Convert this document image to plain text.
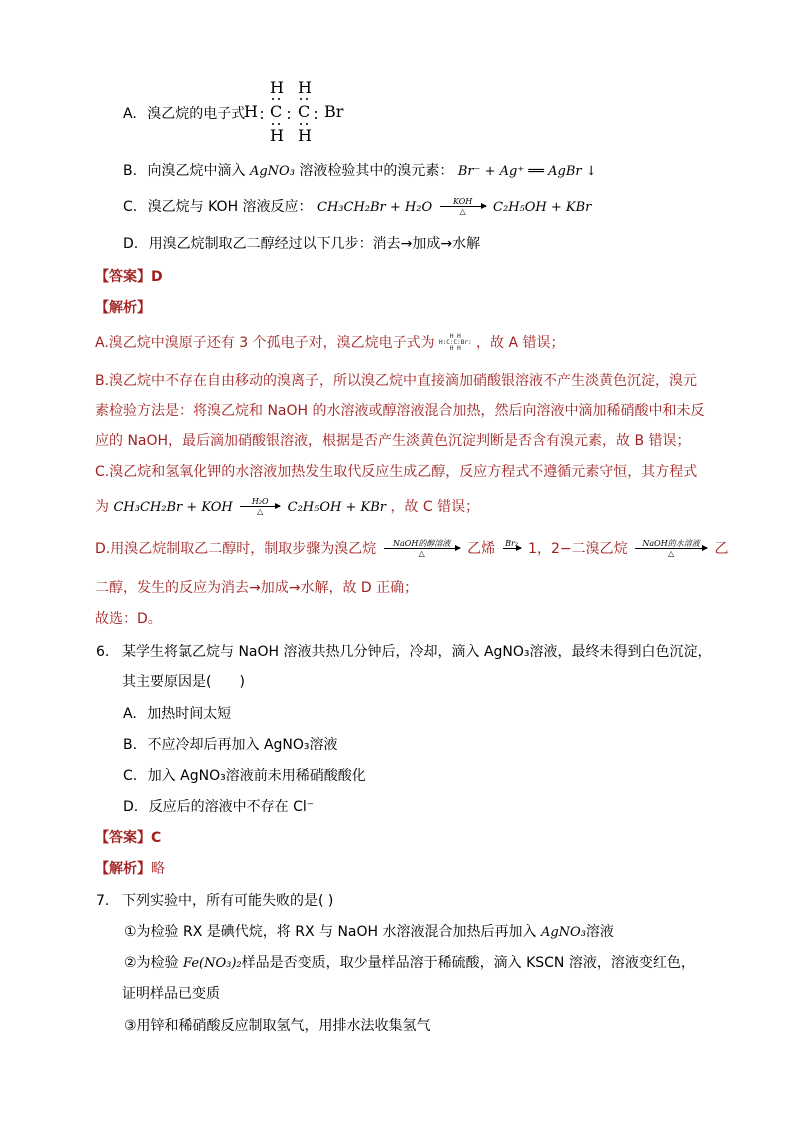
A. 溴乙烷的电子式
H H
H C C Br
H H
B. 向溴乙烷中滴入 AgNO₃ 溶液检验其中的溴元素： Br⁻ + Ag⁺ ══ AgBr ↓
C. 溴乙烷与 KOH 溶液反应： CH₃CH₂Br + H₂O	KOH
△	C₂H₅OH + KBr
D. 用溴乙烷制取乙二醇经过以下几步：消去→加成→水解
【答案】D
【解析】
A.溴乙烷中溴原子还有 3 个孤电子对，溴乙烷电子式为	H H
H:C:C:Br:
H H ，故 A 错误；
B.溴乙烷中不存在自由移动的溴离子，所以溴乙烷中直接滴加硝酸银溶液不产生淡黄色沉淀，溴元
素检验方法是：将溴乙烷和 NaOH 的水溶液或醇溶液混合加热，然后向溶液中滴加稀硝酸中和未反
应的 NaOH，最后滴加硝酸银溶液，根据是否产生淡黄色沉淀判断是否含有溴元素，故 B 错误；
C.溴乙烷和氢氧化钾的水溶液加热发生取代反应生成乙醇，反应方程式不遵循元素守恒，其方程式
为 CH₃CH₂Br + KOH	H₂O
△	C₂H₅OH + KBr ，故 C 错误；
D.用溴乙烷制取乙二醇时，制取步骤为溴乙烷	NaOH的醇溶液
△	乙烯	Br₂
1，2−二溴乙烷	NaOH的水溶液
△	乙
二醇，发生的反应为消去→加成→水解，故 D 正确；
故选：D。
6. 某学生将氯乙烷与 NaOH 溶液共热几分钟后，冷却，滴入 AgNO₃溶液，最终未得到白色沉淀，
其主要原因是(　　)
A. 加热时间太短
B. 不应冷却后再加入 AgNO₃溶液
C. 加入 AgNO₃溶液前未用稀硝酸酸化
D. 反应后的溶液中不存在 Cl⁻
【答案】C
【解析】略
7. 下列实验中，所有可能失败的是( )
①为检验 RX 是碘代烷，将 RX 与 NaOH 水溶液混合加热后再加入 AgNO₃溶液
②为检验 Fe(NO₃)₂样品是否变质，取少量样品溶于稀硫酸，滴入 KSCN 溶液，溶液变红色，
证明样品已变质
③用锌和稀硝酸反应制取氢气，用排水法收集氢气
